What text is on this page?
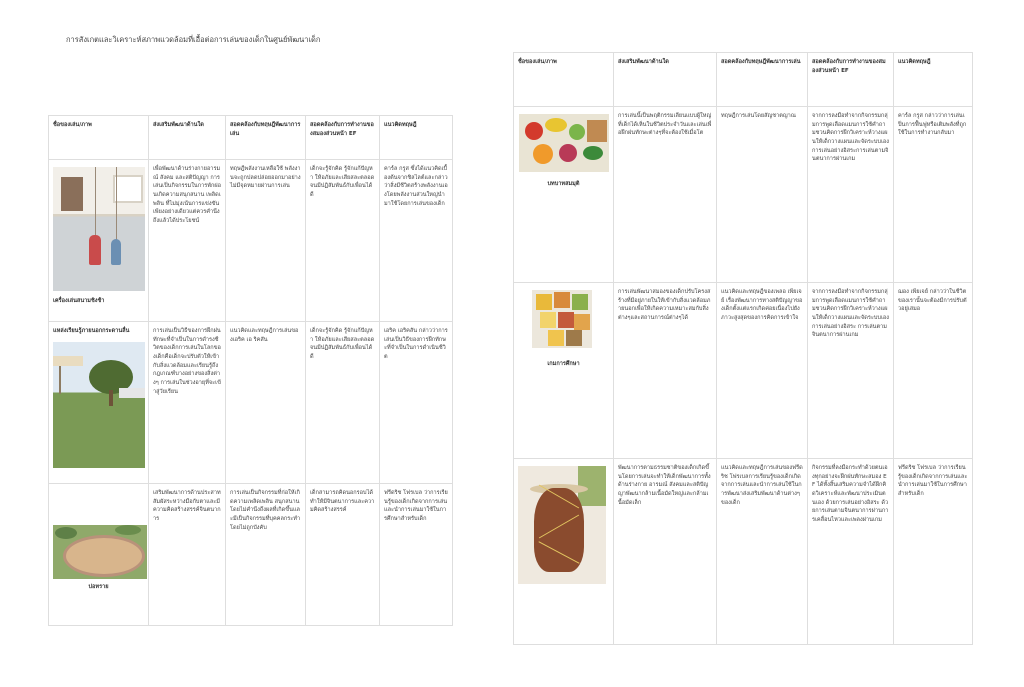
การสังเกตและวิเคราะห์สภาพแวดล้อมที่เอื้อต่อการเล่นของเด็กในศูนย์พัฒนาเด็ก
ชื่อของเล่น/ภาพ	ส่งเสริมพัฒนาด้านใด	สอดคล้องกับทฤษฎีพัฒนาการเล่น	สอดคล้องกับการทำงานของสมองส่วนหน้า EF	แนวคิดทฤษฎี

เครื่องเล่นสนามชิงช้า	เพื่อพัฒนาด้านร่างกายอารมณ์ สังคม และสติปัญญา การเล่นเป็นกิจกรรมในการพักผ่อนเกิดความสนุกสนาน เพลิดเพลิน ที่ไม่มุ่งเน้นการแข่งขัน เพียงอย่างเดียวแต่ควรคำนึงถึงแล้วได้ประโยชน์	ทฤษฎีพลังงานเหลือใช้ พลังงานจะถูกปลดปล่อยออกมาอย่างไม่มีจุดหมายผ่านการเล่น	เด็กจะรู้จักคิด รู้จักแก้ปัญหา ให้อภัยและเสียสละตลอดจนมีปฏิสัมพันธ์กับเพื่อนได้ดี	คาร์ล กรูส ซึ่งได้แนวคิดเบื้องต้นจากชิลไลต์และกล่าวว่าสิ่งมีชีวิตสร้างพลังงานเองโดยพลังงานส่วนใหญ่นำมาใช้โดยการเล่นของเด็ก
แหล่งเรียนรู้ภายนอกกระดานลื่น	การเล่นเป็นวิธีของการฝึกฝนทักษะที่จำเป็นในการดำรงชีวิตของเด็กการเล่นในโลกของเด็กคือเด็กจะปรับตัวให้เข้ากับสิ่งแวดล้อมและเรียนรู้ถึงกฎเกณฑ์บางอย่างของสิ่งต่างๆ การเล่นในช่วงอายุที่จะเข้าสู่วัยเรียน	แนวคิดและทฤษฎีการเล่นของเอริค เอ ริคสัน	เด็กจะรู้จักคิด รู้จักแก้ปัญหา ให้อภัยและเสียสละตลอดจนมีปฏิสัมพันธ์กับเพื่อนได้ดี	เอริค เอริคสัน กล่าวว่าการเล่นเป็นวิธีของการฝึกทักษะที่จำเป็นในการดำเนินชีวิต

บ่อทราย	เสริมพัฒนาการด้านประสาทสัมผัสระหว่างมือกับตาและมีความคิดสร้างสรรค์จินตนาการ	การเล่นเป็นกิจกรรมที่ก่อให้เกิดความเพลิดเพลิน สนุกสนาน โดยไม่คำนึงถึงผลที่เกิดขึ้นและมีเป็นกิจกรรมที่บุคคลกระทำโดยไม่ถูกบังคับ	เด็กสามารถคิดนอกรอบได้ทำให้มีจินตนาการและความคิดสร้างสรรค์	ฟรีดริช โฟรเบล ว่าการเรียนรู้ของเด็กเกิดจากการเล่นและนำการเล่นมาใช้ในการศึกษาสำหรับเด็ก
ชื่อของเล่น/ภาพ	ส่งเสริมพัฒนาด้านใด	สอดคล้องกับทฤษฎีพัฒนาการเล่น	สอดคล้องกับการทำงานของสมองส่วนหน้า EF	แนวคิดทฤษฎี

บทบาทสมมุติ	การเล่นนี้เป็นพฤติกรรมเลียนแบบผู้ใหญ่ที่เด็กได้เห็นในชีวิตประจำวันและเล่นเพื่อฝึกฝนทักษะต่างๆที่จะต้องใช้เมื่อโต	ทฤษฎีการเล่นโดยสัญชาตญาณ	จากการลงมือทำจากกิจกรรมกลุ่มการพูดเลือดแมนการใช้คำถามชวนคิดการฝึกวิเคราะห์วางแผนให้เด็กวางแผนและจัดระบบเอง การเล่นอย่างอิสระการเล่นตามจินตนาการผ่านเกม	คาร์ล กรูส กล่าวว่าการเล่นเป็นการฟื้นฟูหรือเติมพลังที่ถูกใช้ในการทำงานกลับมา

เกมการศึกษา	การเล่นพัฒนาสมองของเด็กปรับโครงสร้างที่มีอยู่ภายในให้เข้ากับสิ่งแวดล้อมภายนอกเพื่อให้เกิดความเหมาะสมกับสิ่งต่างๆและสถานการณ์ต่างๆได้	แนวคิดและทฤษฎีของเพลอ เพียเจย์ เรื่องพัฒนาการทางสติปัญญาของเด็กตั้งแต่แรกเกิดค่อยเนื่องไปยังภาวะสูงสุดของการคิดการเข้าใจ	จากการลงมือทำจากกิจกรรมกลุ่มการพูดเลือดแมนการใช้คำถามชวนคิดการฝึกวิเคราะห์วางแผนให้เด็กวางแผนและจัดระบบเอง การเล่นอย่างอิสระ การเล่นตามจินตนาการผ่านเกม	ฌอง เพียเจย์ กล่าวว่าในชีวิตของเรานั้นจะต้องมีการปรับตัวอยู่เสมอ

	พัฒนาการตามธรรมชาติของเด็กเกิดขึ้นโดยการเล่นจะทำให้เด็กพัฒนาการทั้งด้านร่างกาย อารมณ์ สังคมและสติปัญญาพัฒนากล้ามเนื้อมัดใหญ่และกล้ามเนื้อมัดเล็ก	แนวคิดและทฤษฎีการเล่นของฟรีดริช โฟรเบลการเรียนรู้ของเด็กเกิดจากการเล่นและนำการเล่นใช้ในการพัฒนาส่งเสริมพัฒนาด้านต่างๆของเด็ก	กิจกรรมที่ลงมือกระทำด้วยตนเองทุกอย่างจะฝึกฝนทักษะสมอง EF ได้ทั้งสิ้นเสริมความจำได้ฝึกคิดวิเคราะห์และพัฒนาประเมินตนเอง ด้วยการเล่นอย่างอิสระ ด้วยการเล่นตามจินตนาการผ่านการเคลื่อนไหวและเพลงผ่านเกม	ฟรีดริช โฟรเบล ว่าการเรียนรู้ของเด็กเกิดจากการเล่นและนำการเล่นมาใช้ในการศึกษาสำหรับเด็ก
